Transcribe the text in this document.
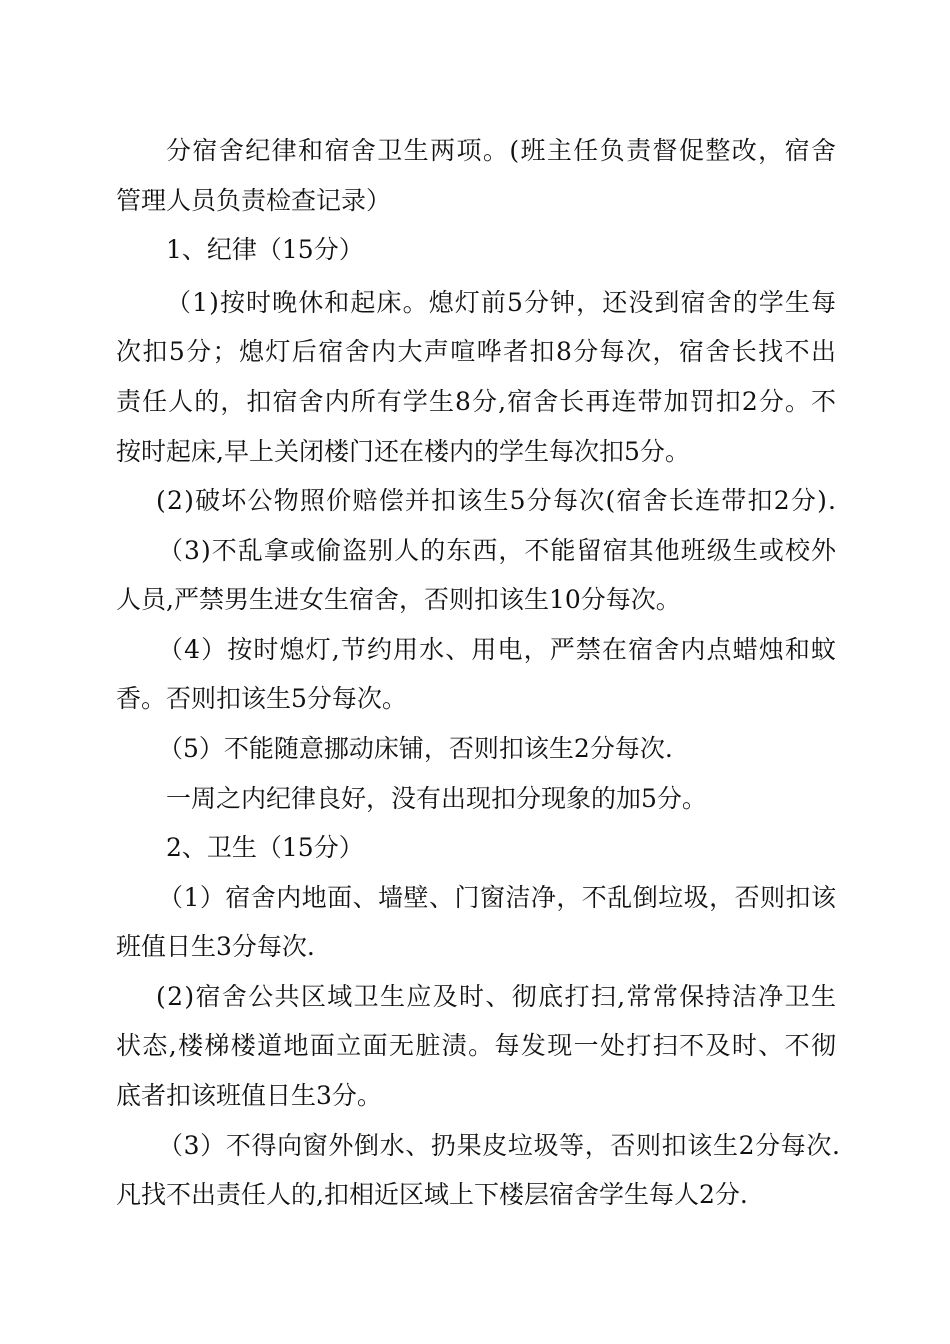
分宿舍纪律和宿舍卫生两项。(班主任负责督促整改，宿舍

管理人员负责检查记录）

1、纪律（15分）

（1)按时晚休和起床。熄灯前5分钟，还没到宿舍的学生每

次扣5分；熄灯后宿舍内大声喧哗者扣8分每次，宿舍长找不出

责任人的，扣宿舍内所有学生8分,宿舍长再连带加罚扣2分。不

按时起床,早上关闭楼门还在楼内的学生每次扣5分。

(2)破坏公物照价赔偿并扣该生5分每次(宿舍长连带扣2分).

（3)不乱拿或偷盗别人的东西，不能留宿其他班级生或校外

人员,严禁男生进女生宿舍，否则扣该生10分每次。

（4）按时熄灯,节约用水、用电，严禁在宿舍内点蜡烛和蚊

香。否则扣该生5分每次。

（5）不能随意挪动床铺，否则扣该生2分每次.

一周之内纪律良好，没有出现扣分现象的加5分。

2、卫生（15分）

（1）宿舍内地面、墙壁、门窗洁净，不乱倒垃圾，否则扣该

班值日生3分每次.

(2)宿舍公共区域卫生应及时、彻底打扫,常常保持洁净卫生

状态,楼梯楼道地面立面无脏渍。每发现一处打扫不及时、不彻

底者扣该班值日生3分。

（3）不得向窗外倒水、扔果皮垃圾等，否则扣该生2分每次.

凡找不出责任人的,扣相近区域上下楼层宿舍学生每人2分.
